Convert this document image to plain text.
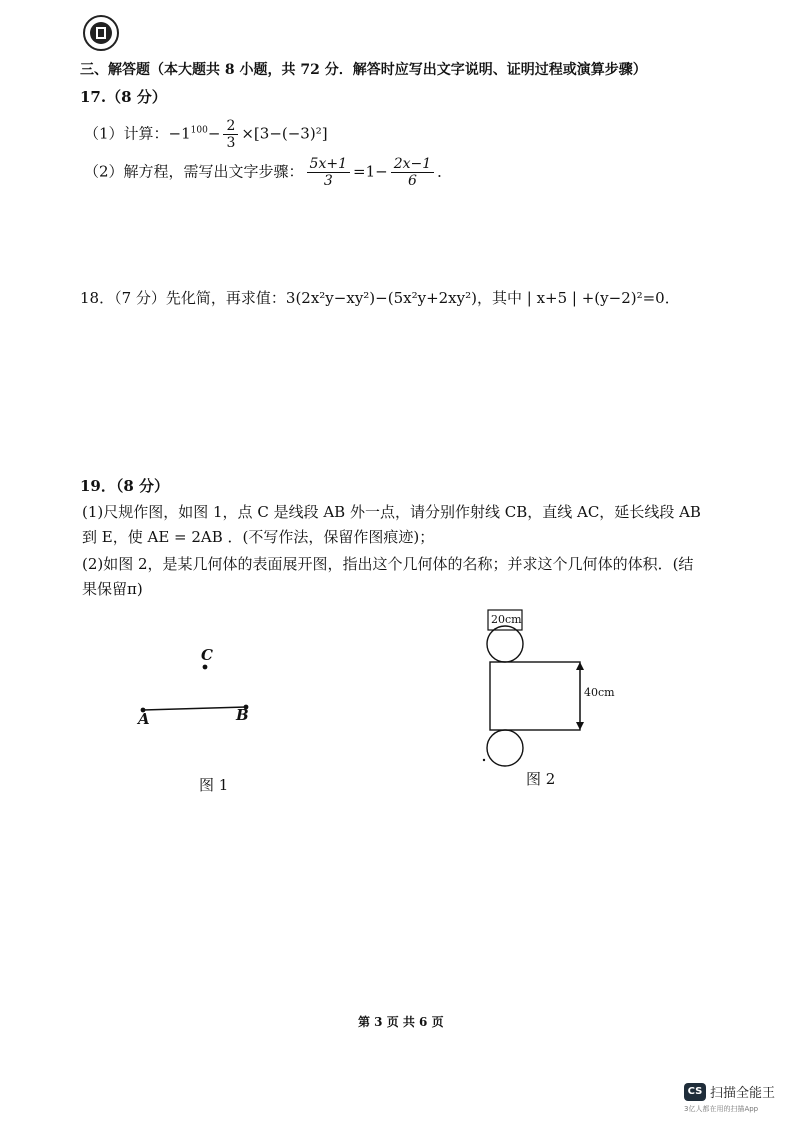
三、解答题（本大题共 8 小题，共 72 分．解答时应写出文字说明、证明过程或演算步骤）
17.（8 分）
（1）计算：$-1^{100}- \frac{2}{3} \times[3-(-3)^2]$
（2）解方程，需写出文字步骤： $\frac{5x+1}{3} =1- \frac{2x-1}{6}$ ．
18．（7 分）先化简，再求值：3(2x²y−xy²)−(5x²y+2xy²)，其中 | x+5 | +(y−2)²=0．
19．（8 分）
(1)尺规作图，如图 1，点 C 是线段 AB 外一点，请分别作射线 CB，直线 AC，延长线段 AB
到 E，使 AE = 2AB ．(不写作法，保留作图痕迹)；
(2)如图 2，是某几何体的表面展开图，指出这个几何体的名称；并求这个几何体的体积．(结
果保留π)
C
A	B
图 1
20cm
40cm
图 2
第 3 页 共 6 页
CS 扫描全能王
3亿人都在用的扫描App
